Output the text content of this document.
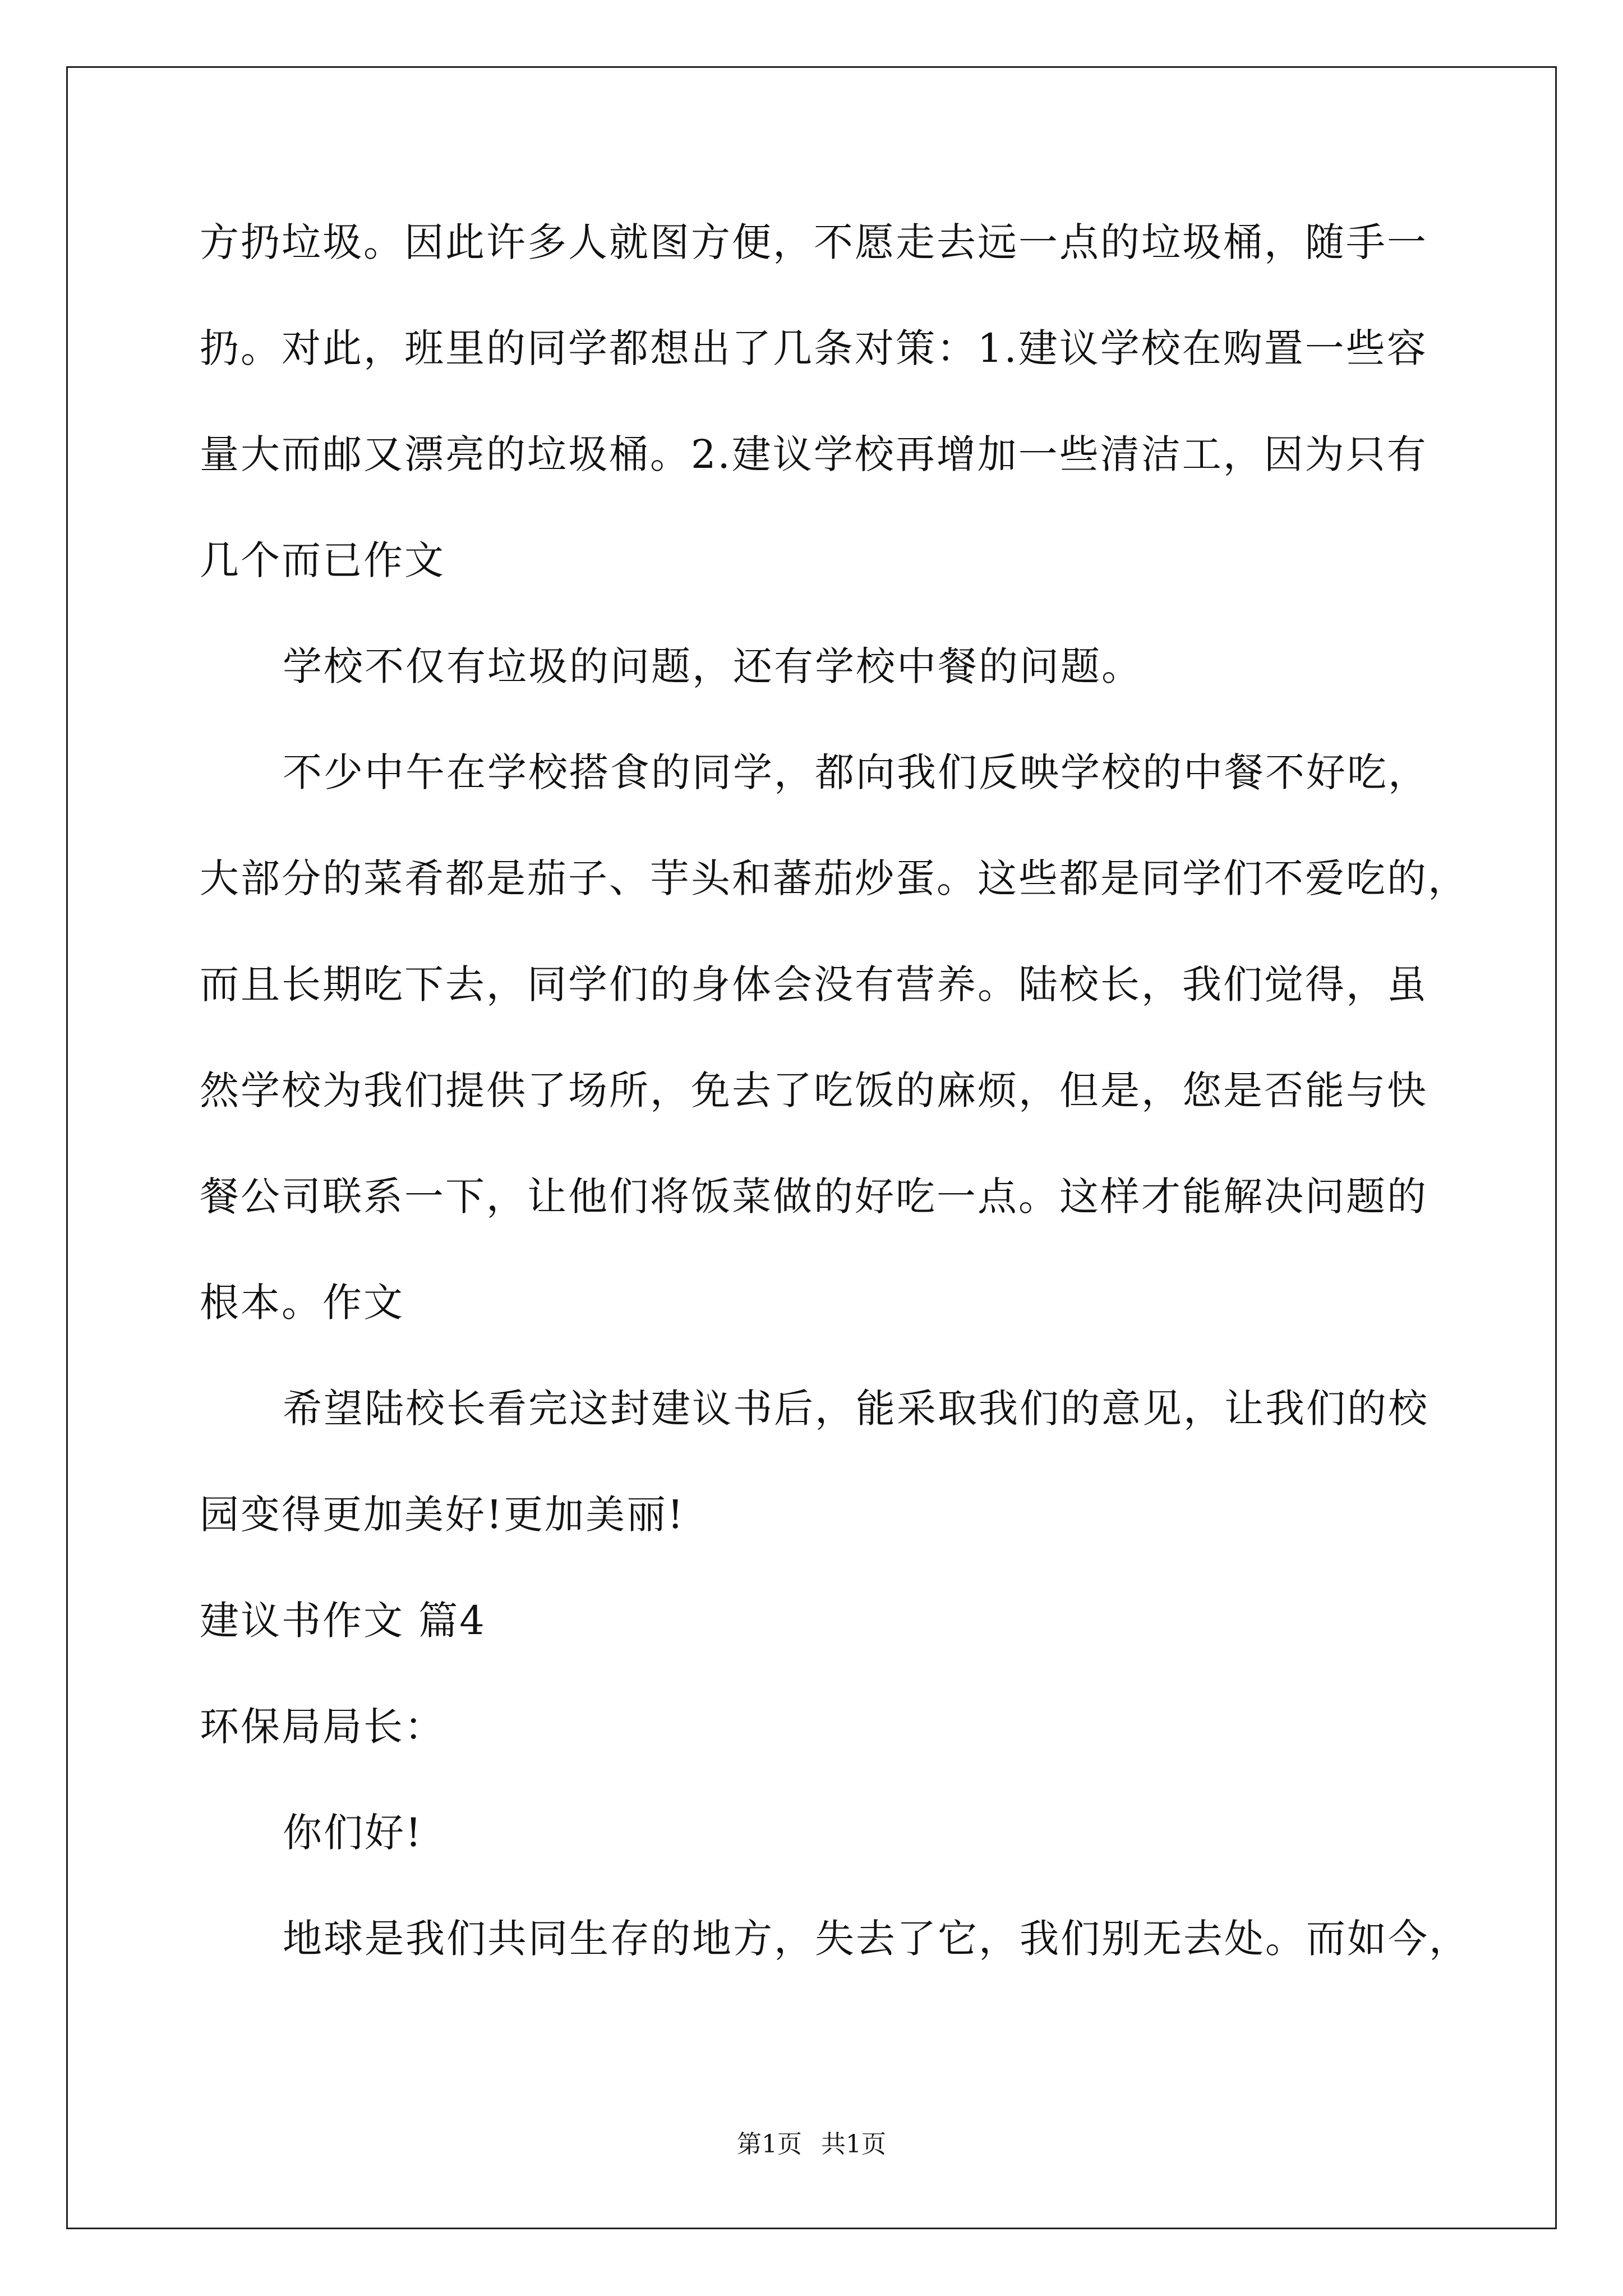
方扔垃圾。因此许多人就图方便，不愿走去远一点的垃圾桶，随手一
扔。对此，班里的同学都想出了几条对策：1.建议学校在购置一些容
量大而邮又漂亮的垃圾桶。2.建议学校再增加一些清洁工，因为只有
几个而已作文
学校不仅有垃圾的问题，还有学校中餐的问题。
不少中午在学校搭食的同学，都向我们反映学校的中餐不好吃，
大部分的菜肴都是茄子、芋头和蕃茄炒蛋。这些都是同学们不爱吃的，
而且长期吃下去，同学们的身体会没有营养。陆校长，我们觉得，虽
然学校为我们提供了场所，免去了吃饭的麻烦，但是，您是否能与快
餐公司联系一下，让他们将饭菜做的好吃一点。这样才能解决问题的
根本。作文
希望陆校长看完这封建议书后，能采取我们的意见，让我们的校
园变得更加美好!更加美丽!
建议书作文 篇4
环保局局长：
你们好!
地球是我们共同生存的地方，失去了它，我们别无去处。而如今，
第1页 共1页
